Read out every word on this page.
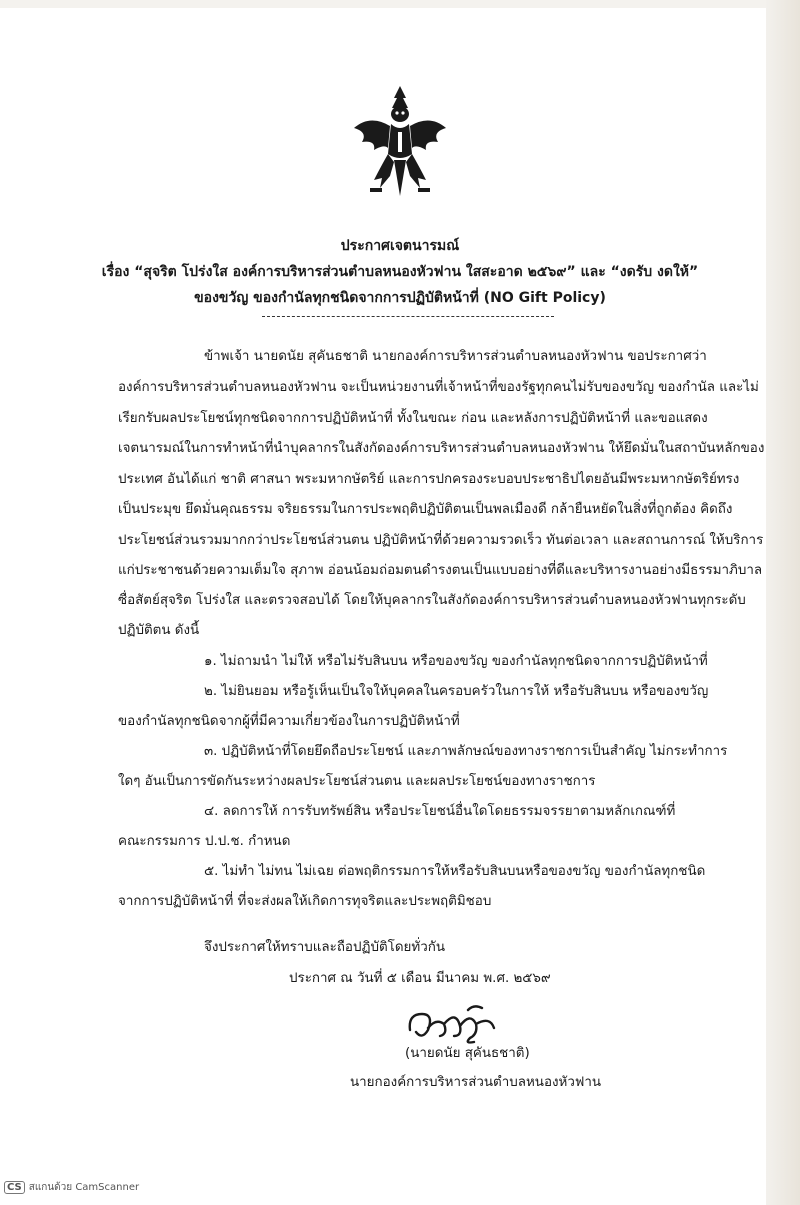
ประกาศเจตนารมณ์
เรื่อง “สุจริต โปร่งใส องค์การบริหารส่วนตำบลหนองหัวฟาน ใสสะอาด ๒๕๖๙” และ “งดรับ งดให้”
ของขวัญ ของกำนัลทุกชนิดจากการปฏิบัติหน้าที่ (NO Gift Policy)
ข้าพเจ้า นายดนัย สุคันธชาติ นายกองค์การบริหารส่วนตำบลหนองหัวฟาน ขอประกาศว่า
องค์การบริหารส่วนตำบลหนองหัวฟาน จะเป็นหน่วยงานที่เจ้าหน้าที่ของรัฐทุกคนไม่รับของขวัญ ของกำนัล และไม่
เรียกรับผลประโยชน์ทุกชนิดจากการปฏิบัติหน้าที่ ทั้งในขณะ ก่อน และหลังการปฏิบัติหน้าที่ และขอแสดง
เจตนารมณ์ในการทำหน้าที่นำบุคลากรในสังกัดองค์การบริหารส่วนตำบลหนองหัวฟาน ให้ยึดมั่นในสถาบันหลักของ
ประเทศ อันได้แก่ ชาติ ศาสนา พระมหากษัตริย์ และการปกครองระบอบประชาธิปไตยอันมีพระมหากษัตริย์ทรง
เป็นประมุข ยึดมั่นคุณธรรม จริยธรรมในการประพฤติปฏิบัติตนเป็นพลเมืองดี กล้ายืนหยัดในสิ่งที่ถูกต้อง คิดถึง
ประโยชน์ส่วนรวมมากกว่าประโยชน์ส่วนตน ปฏิบัติหน้าที่ด้วยความรวดเร็ว ทันต่อเวลา และสถานการณ์ ให้บริการ
แก่ประชาชนด้วยความเต็มใจ สุภาพ อ่อนน้อมถ่อมตนดำรงตนเป็นแบบอย่างที่ดีและบริหารงานอย่างมีธรรมาภิบาล
ซื่อสัตย์สุจริต โปร่งใส และตรวจสอบได้ โดยให้บุคลากรในสังกัดองค์การบริหารส่วนตำบลหนองหัวฟานทุกระดับ
ปฏิบัติตน ดังนี้
๑. ไม่ถามนำ ไม่ให้ หรือไม่รับสินบน หรือของขวัญ ของกำนัลทุกชนิดจากการปฏิบัติหน้าที่
๒. ไม่ยินยอม หรือรู้เห็นเป็นใจให้บุคคลในครอบครัวในการให้ หรือรับสินบน หรือของขวัญ
ของกำนัลทุกชนิดจากผู้ที่มีความเกี่ยวข้องในการปฏิบัติหน้าที่
๓. ปฏิบัติหน้าที่โดยยึดถือประโยชน์ และภาพลักษณ์ของทางราชการเป็นสำคัญ ไม่กระทำการ
ใดๆ อันเป็นการขัดกันระหว่างผลประโยชน์ส่วนตน และผลประโยชน์ของทางราชการ
๔. ลดการให้ การรับทรัพย์สิน หรือประโยชน์อื่นใดโดยธรรมจรรยาตามหลักเกณฑ์ที่
คณะกรรมการ ป.ป.ช. กำหนด
๕. ไม่ทำ ไม่ทน ไม่เฉย ต่อพฤติกรรมการให้หรือรับสินบนหรือของขวัญ ของกำนัลทุกชนิด
จากการปฏิบัติหน้าที่ ที่จะส่งผลให้เกิดการทุจริตและประพฤติมิชอบ
จึงประกาศให้ทราบและถือปฏิบัติโดยทั่วกัน
ประกาศ ณ วันที่ ๕ เดือน มีนาคม พ.ศ. ๒๕๖๙
(นายดนัย สุคันธชาติ)
นายกองค์การบริหารส่วนตำบลหนองหัวฟาน
CS สแกนด้วย CamScanner
